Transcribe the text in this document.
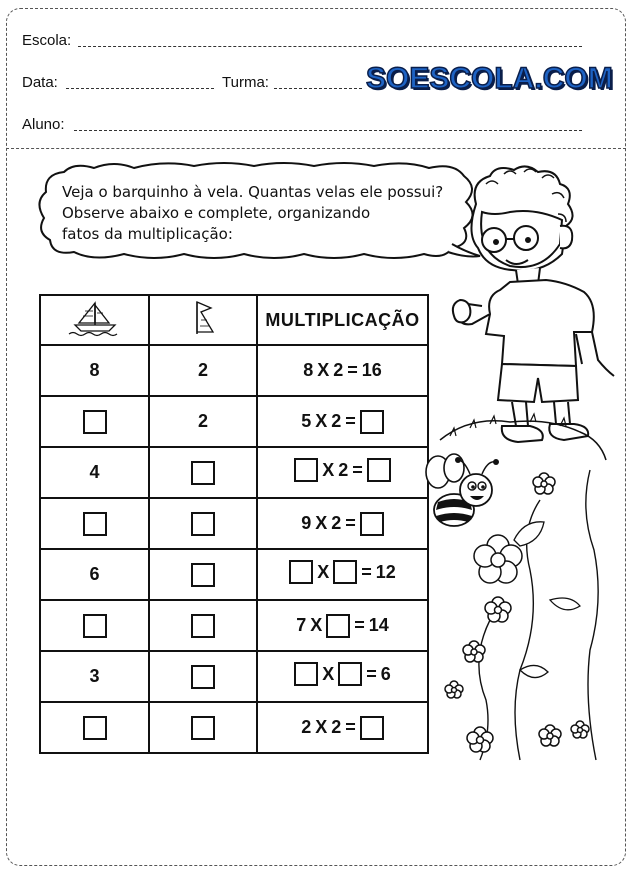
Escola:
Data:	Turma:	SOESCOLA.COM
Aluno:
Veja o barquinho à vela. Quantas velas ele possui?
Observe abaixo e complete, organizando
fatos da multiplicação:
		MULTIPLICAÇÃO
8	2	8 X 2 = 16

	2	5 X 2 =

4		X 2 =

		9 X 2 =

6		X = 12

		7 X = 14

3		X = 6

		2 X 2 =
